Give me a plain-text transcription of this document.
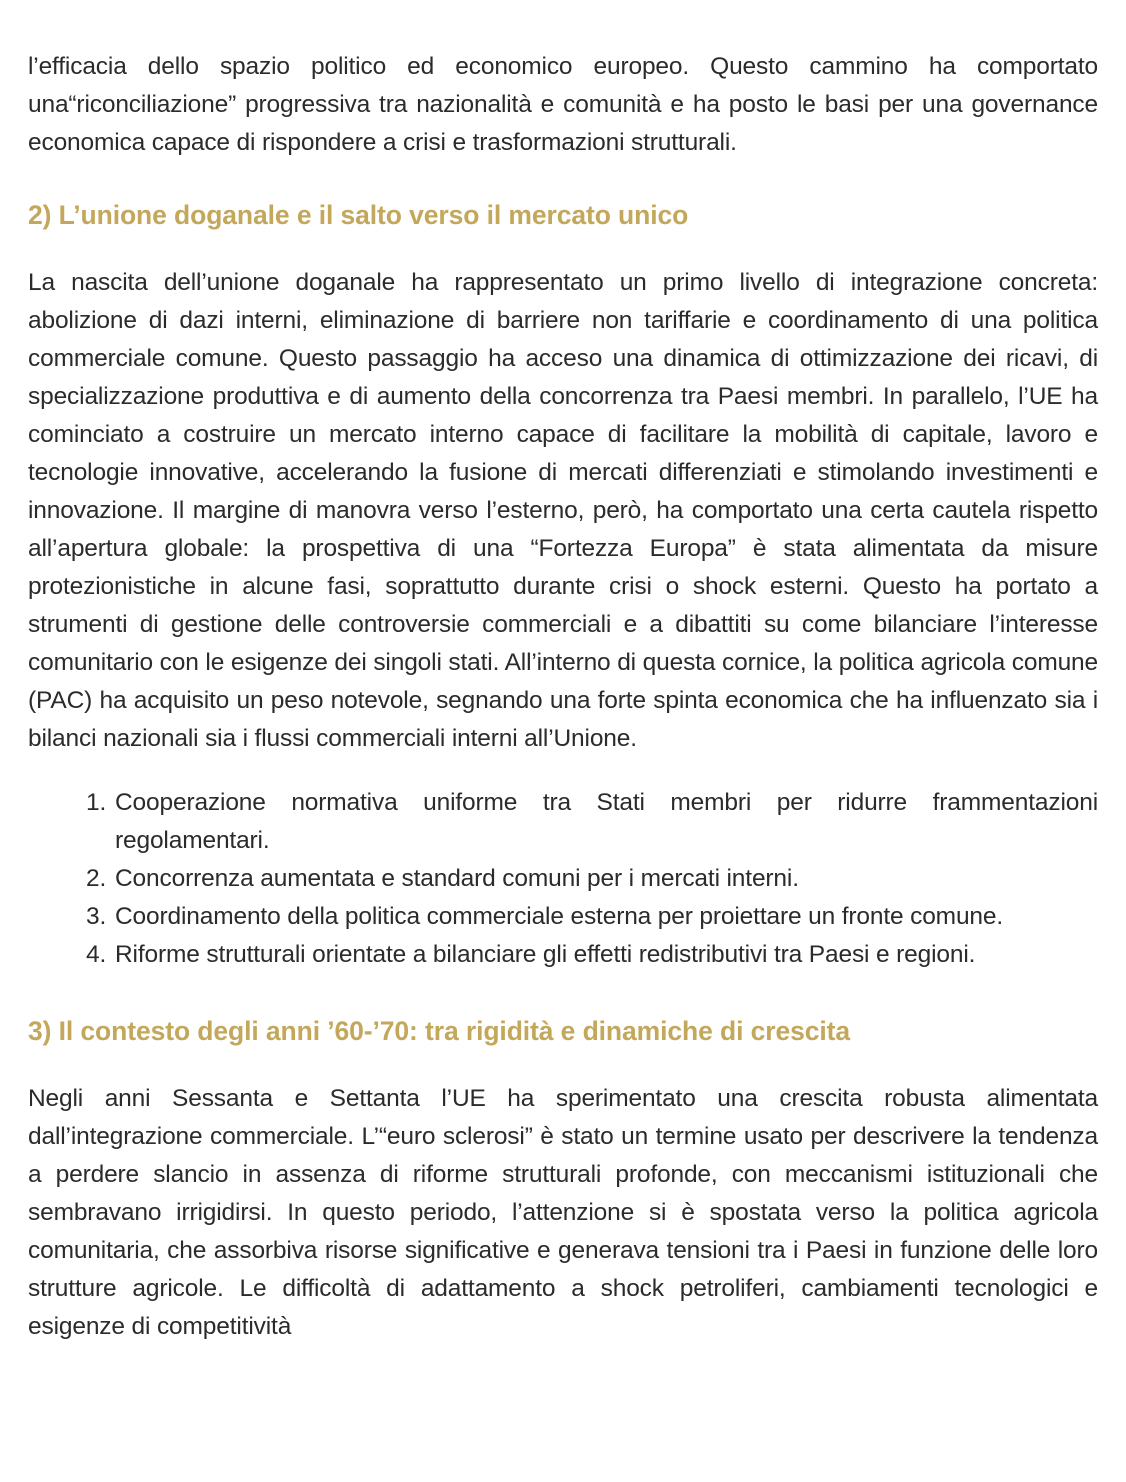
l’efficacia dello spazio politico ed economico europeo. Questo cammino ha comportato una“riconciliazione” progressiva tra nazionalità e comunità e ha posto le basi per una governance economica capace di rispondere a crisi e trasformazioni strutturali.

2) L’unione doganale e il salto verso il mercato unico

La nascita dell’unione doganale ha rappresentato un primo livello di integrazione concreta: abolizione di dazi interni, eliminazione di barriere non tariffarie e coordinamento di una politica commerciale comune. Questo passaggio ha acceso una dinamica di ottimizzazione dei ricavi, di specializzazione produttiva e di aumento della concorrenza tra Paesi membri. In parallelo, l’UE ha cominciato a costruire un mercato interno capace di facilitare la mobilità di capitale, lavoro e tecnologie innovative, accelerando la fusione di mercati differenziati e stimolando investimenti e innovazione. Il margine di manovra verso l’esterno, però, ha comportato una certa cautela rispetto all’apertura globale: la prospettiva di una “Fortezza Europa” è stata alimentata da misure protezionistiche in alcune fasi, soprattutto durante crisi o shock esterni. Questo ha portato a strumenti di gestione delle controversie commerciali e a dibattiti su come bilanciare l’interesse comunitario con le esigenze dei singoli stati. All’interno di questa cornice, la politica agricola comune (PAC) ha acquisito un peso notevole, segnando una forte spinta economica che ha influenzato sia i bilanci nazionali sia i flussi commerciali interni all’Unione.

Cooperazione normativa uniforme tra Stati membri per ridurre frammentazioni regolamentari.
Concorrenza aumentata e standard comuni per i mercati interni.
Coordinamento della politica commerciale esterna per proiettare un fronte comune.
Riforme strutturali orientate a bilanciare gli effetti redistributivi tra Paesi e regioni.
3) Il contesto degli anni ’60-’70: tra rigidità e dinamiche di crescita

Negli anni Sessanta e Settanta l’UE ha sperimentato una crescita robusta alimentata dall’integrazione commerciale. L’“euro sclerosi” è stato un termine usato per descrivere la tendenza a perdere slancio in assenza di riforme strutturali profonde, con meccanismi istituzionali che sembravano irrigidirsi. In questo periodo, l’attenzione si è spostata verso la politica agricola comunitaria, che assorbiva risorse significative e generava tensioni tra i Paesi in funzione delle loro strutture agricole. Le difficoltà di adattamento a shock petroliferi, cambiamenti tecnologici e esigenze di competitività
